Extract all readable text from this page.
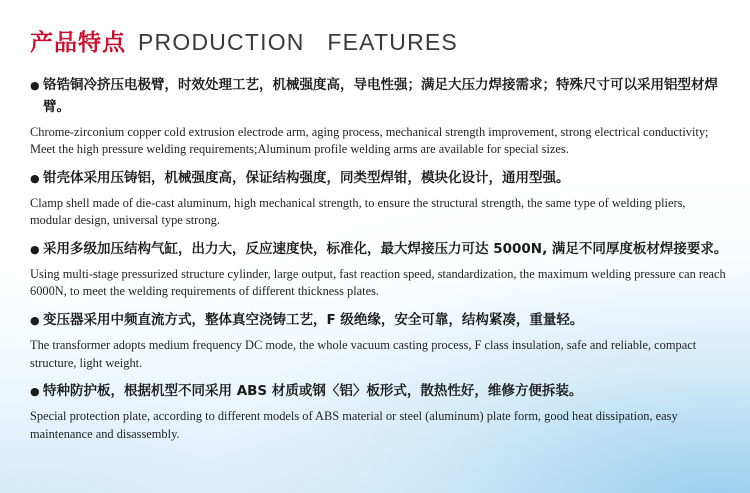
产品特点 PRODUCTION   FEATURES
● 铬锆铜冷挤压电极臂，时效处理工艺，机械强度高，导电性强；满足大压力焊接需求；特殊尺寸可以采用铝型材焊臂。
Chrome-zirconium copper cold extrusion electrode arm, aging process, mechanical strength improvement, strong electrical conductivity; Meet the high pressure welding requirements;Aluminum profile welding arms are available for special sizes.
● 钳壳体采用压铸铝，机械强度高，保证结构强度，同类型焊钳，模块化设计，通用型强。
Clamp shell made of die-cast aluminum, high mechanical strength, to ensure the structural strength, the same type of welding pliers, modular design, universal type strong.
● 采用多级加压结构气缸，出力大，反应速度快，标准化，最大焊接压力可达 5000N, 满足不同厚度板材焊接要求。
Using multi-stage pressurized structure cylinder, large output, fast reaction speed, standardization, the maximum welding pressure can reach 6000N, to meet the welding requirements of different thickness plates.
● 变压器采用中频直流方式，整体真空浇铸工艺，F 级绝缘，安全可靠，结构紧凑，重量轻。
The transformer adopts medium frequency DC mode, the whole vacuum casting process, F class insulation, safe and reliable, compact structure, light weight.
● 特种防护板，根据机型不同采用 ABS 材质或钢〈铝〉板形式，散热性好，维修方便拆装。
Special protection plate, according to different models of ABS material or steel (aluminum) plate form, good heat dissipation, easy maintenance and disassembly.
